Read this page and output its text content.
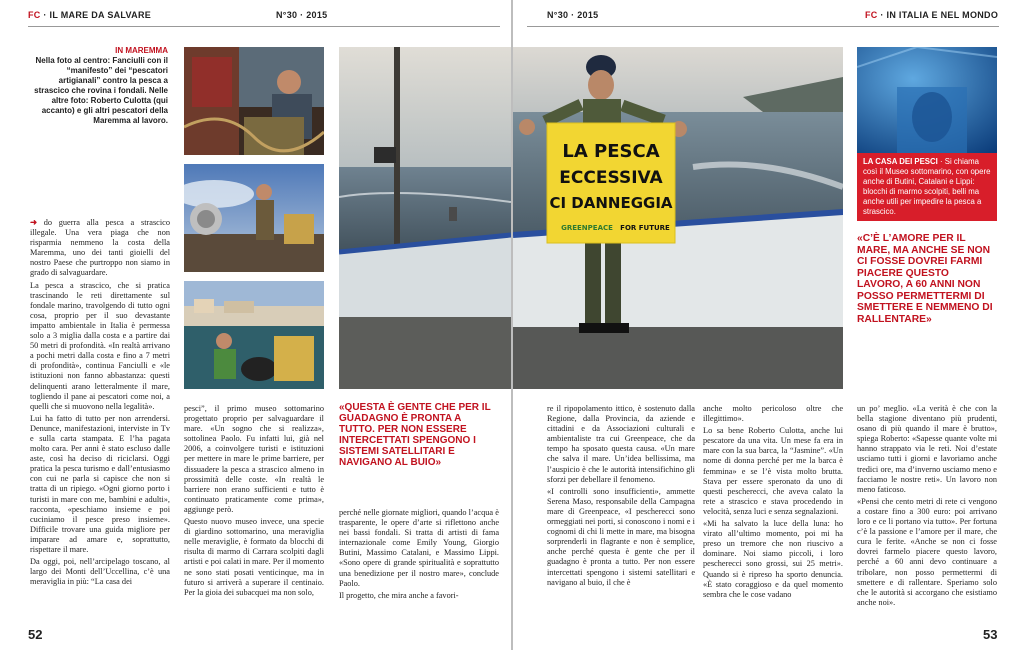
FC · IL MARE DA SALVARE	N°30 · 2015
IN MAREMMA
Nella foto al centro: Fanciulli con il “manifesto” dei “pescatori artigianali” contro la pesca a strascico che rovina i fondali. Nelle altre foto: Roberto Culotta (qui accanto) e gli altri pescatori della Maremma al lavoro.

➜ do guerra alla pesca a strascico illegale. Una vera piaga che non risparmia nemmeno la costa della Maremma, uno dei tanti gioielli del nostro Paese che purtroppo non siamo in grado di salvaguardare.

La pesca a strascico, che si pratica trascinando le reti direttamente sul fondale marino, travolgendo di tutto ogni cosa, proprio per il suo devastante impatto ambientale in Italia è permessa solo a 3 miglia dalla costa e a partire dai 50 metri di profondità. «In realtà arrivano a pochi metri dalla costa e fino a 7 metri di profondità», continua Fanciulli e «le istituzioni non fanno abbastanza: questi delinquenti arano letteralmente il mare, togliendo il pane ai pescatori come noi, a quelli che si muovono nella legalità».

Lui ha fatto di tutto per non arrendersi. Denunce, manifestazioni, interviste in Tv e sulla carta stampata. E l’ha pagata molto cara. Per anni è stato escluso dalle aste, così ha deciso di riciclarsi. Oggi pratica la pesca turismo e dall’entusiasmo con cui ne parla si capisce che non si tratta di un ripiego. «Ogni giorno porto i turisti in mare con me, bambini e adulti», racconta, «peschiamo insieme e poi cuciniamo il pesce preso insieme». Difficile trovare una guida migliore per imparare ad amare e, soprattutto, rispettare il mare.

Da oggi, poi, nell’arcipelago toscano, al largo dei Monti dell’Uccellina, c’è una meraviglia in più: “La casa dei

pesci”, il primo museo sottomarino progettato proprio per salvaguardare il mare. «Un sogno che si realizza», sottolinea Paolo. Fu infatti lui, già nel 2006, a coinvolgere turisti e istituzioni per mettere in mare le prime barriere, per dissuadere la pesca a strascico almeno in prossimità delle coste. «In realtà le barriere non erano sufficienti e tutto è continuato praticamente come prima», aggiunge però.

Questo nuovo museo invece, una specie di giardino sottomarino, una meraviglia nelle meraviglie, è formato da blocchi di risulta di marmo di Carrara scolpiti dagli artisti e poi calati in mare. Per il momento ne sono stati posati venticinque, ma in futuro si arriverà a superare il centinaio. Per la gioia dei subacquei ma non solo,

«QUESTA È GENTE CHE PER IL GUADAGNO È PRONTA A TUTTO. PER NON ESSERE INTERCETTATI SPENGONO I SISTEMI SATELLITARI E NAVIGANO AL BUIO»

perché nelle giornate migliori, quando l’acqua è trasparente, le opere d’arte si riflettono anche nei bassi fondali. Si tratta di artisti di fama internazionale come Emily Young, Giorgio Butini, Massimo Catalani, e Massimo Lippi. «Sono opere di grande spiritualità e soprattutto una benedizione per il nostro mare», conclude Paolo.

Il progetto, che mira anche a favori-

52
N°30 · 2015	FC · IN ITALIA E NEL MONDO
LA PESCA
ECCESSIVA
CI DANNEGGIA
GREENPEACE FOR FUTURE
LA CASA DEI PESCI · Si chiama così il Museo sottomarino, con opere anche di Butini, Catalani e Lippi: blocchi di marmo scolpiti, belli ma anche utili per impedire la pesca a strascico.
«C’È L’AMORE PER IL MARE, MA ANCHE SE NON CI FOSSE DOVREI FARMI PIACERE QUESTO LAVORO, A 60 ANNI NON POSSO PERMETTERMI DI SMETTERE E NEMMENO DI RALLENTARE»

re il ripopolamento ittico, è sostenuto dalla Regione, dalla Provincia, da aziende e cittadini e da Associazioni culturali e ambientaliste tra cui Greenpeace, che da tempo ha sposato questa causa. «Un mare che salva il mare. Un’idea bellissima, ma l’auspicio è che le autorità intensifichino gli sforzi per debellare il fenomeno.

«I controlli sono insufficienti», ammette Serena Maso, responsabile della Campagna mare di Greenpeace, «I pescherecci sono ormeggiati nei porti, si conoscono i nomi e i cognomi di chi li mette in mare, ma bisogna sorprenderli in flagrante e non è semplice, anche perché questa è gente che per il guadagno è pronta a tutto. Per non essere intercettati spengono i sistemi satellitari e navigano al buio, il che è

anche molto pericoloso oltre che illegittimo».

Lo sa bene Roberto Culotta, anche lui pescatore da una vita. Un mese fa era in mare con la sua barca, la “Jasmine”. «Un nome di donna perché per me la barca è femmina» e se l’è vista molto brutta. Stava per essere speronato da uno di questi pescherecci, che aveva calato la rete a strascico e stava procedendo in velocità, senza luci e senza segnalazioni.

«Mi ha salvato la luce della luna: ho virato all’ultimo momento, poi mi ha preso un tremore che non riuscivo a dominare. Noi siamo piccoli, i loro pescherecci sono grossi, sui 25 metri». Quando si è ripreso ha sporto denuncia. «È stato coraggioso e da quel momento sembra che le cose vadano

un po’ meglio. «La verità è che con la bella stagione diventano più prudenti, osano di più quando il mare è brutto», spiega Roberto: «Sapesse quante volte mi hanno strappato via le reti. Noi d’estate usciamo tutti i giorni e lavoriamo anche tredici ore, ma d’inverno usciamo meno e facciamo le nostre reti». Un lavoro non meno faticoso.

«Pensi che cento metri di rete ci vengono a costare fino a 300 euro: poi arrivano loro e ce li portano via tutto». Per fortuna c’è la passione e l’amore per il mare, che cura le ferite. «Anche se non ci fosse dovrei farmelo piacere questo lavoro, perché a 60 anni devo continuare a tribolare, non posso permettermi di smettere e di rallentare. Speriamo solo che le autorità si accorgano che esistiamo anche noi».

53
